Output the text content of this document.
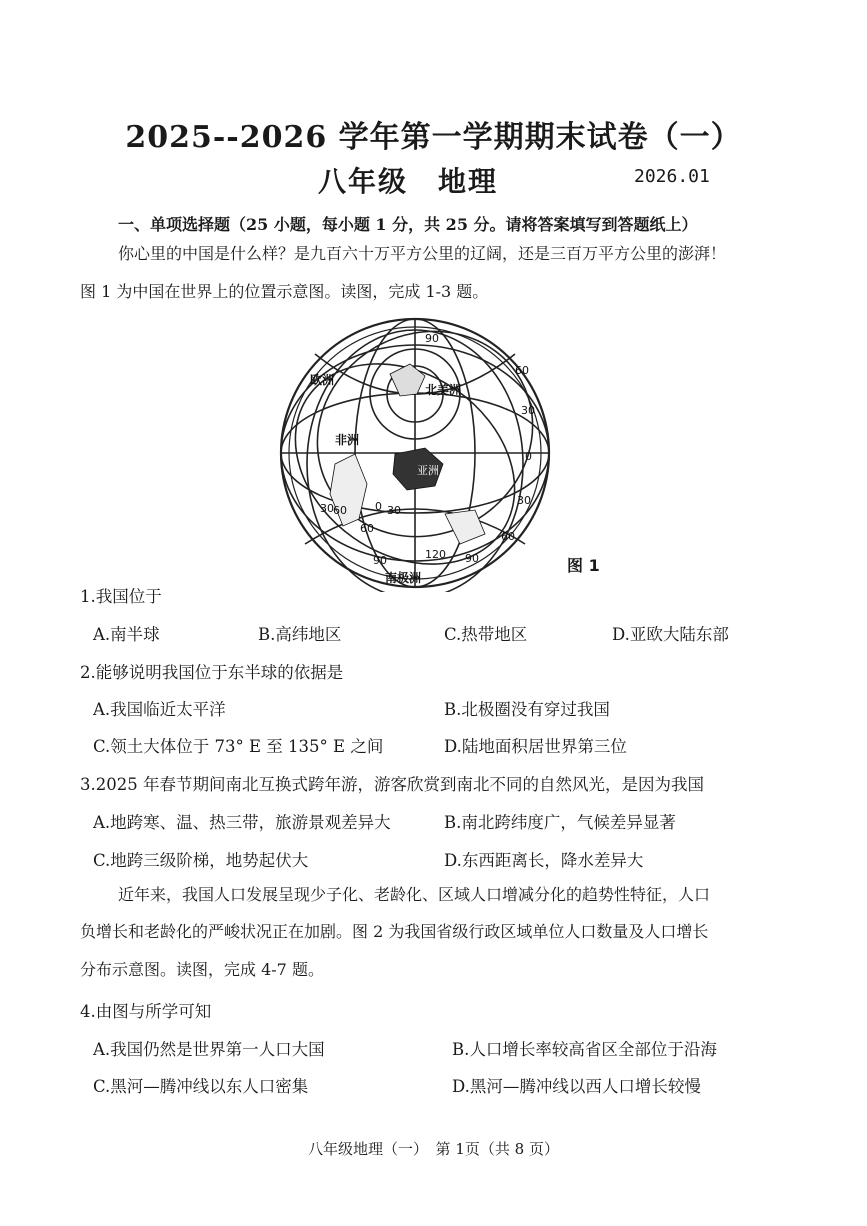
2025--2026 学年第一学期期末试卷（一）
八年级　地理	2026.01
一、单项选择题（25 小题，每小题 1 分，共 25 分。请将答案填写到答题纸上）
你心里的中国是什么样？是九百六十万平方公里的辽阔，还是三百万平方公里的澎湃！
图 1 为中国在世界上的位置示意图。读图，完成 1-3 题。
90
北美洲
亚洲
欧洲
非洲
南极洲
60
30	0 30
60
90	120
60
30
0
30
60
90	图 1
1.我国位于
A.南半球	B.高纬地区	C.热带地区	D.亚欧大陆东部
2.能够说明我国位于东半球的依据是
A.我国临近太平洋	B.北极圈没有穿过我国
C.领土大体位于 73° E 至 135° E 之间	D.陆地面积居世界第三位
3.2025 年春节期间南北互换式跨年游，游客欣赏到南北不同的自然风光，是因为我国
A.地跨寒、温、热三带，旅游景观差异大	B.南北跨纬度广，气候差异显著
C.地跨三级阶梯，地势起伏大	D.东西距离长，降水差异大
近年来，我国人口发展呈现少子化、老龄化、区域人口增减分化的趋势性特征，人口
负增长和老龄化的严峻状况正在加剧。图 2 为我国省级行政区域单位人口数量及人口增长
分布示意图。读图，完成 4-7 题。
4.由图与所学可知
A.我国仍然是世界第一人口大国	B.人口增长率较高省区全部位于沿海
C.黑河—腾冲线以东人口密集	D.黑河—腾冲线以西人口增长较慢
八年级地理（一）　第 1页（共 8 页）
